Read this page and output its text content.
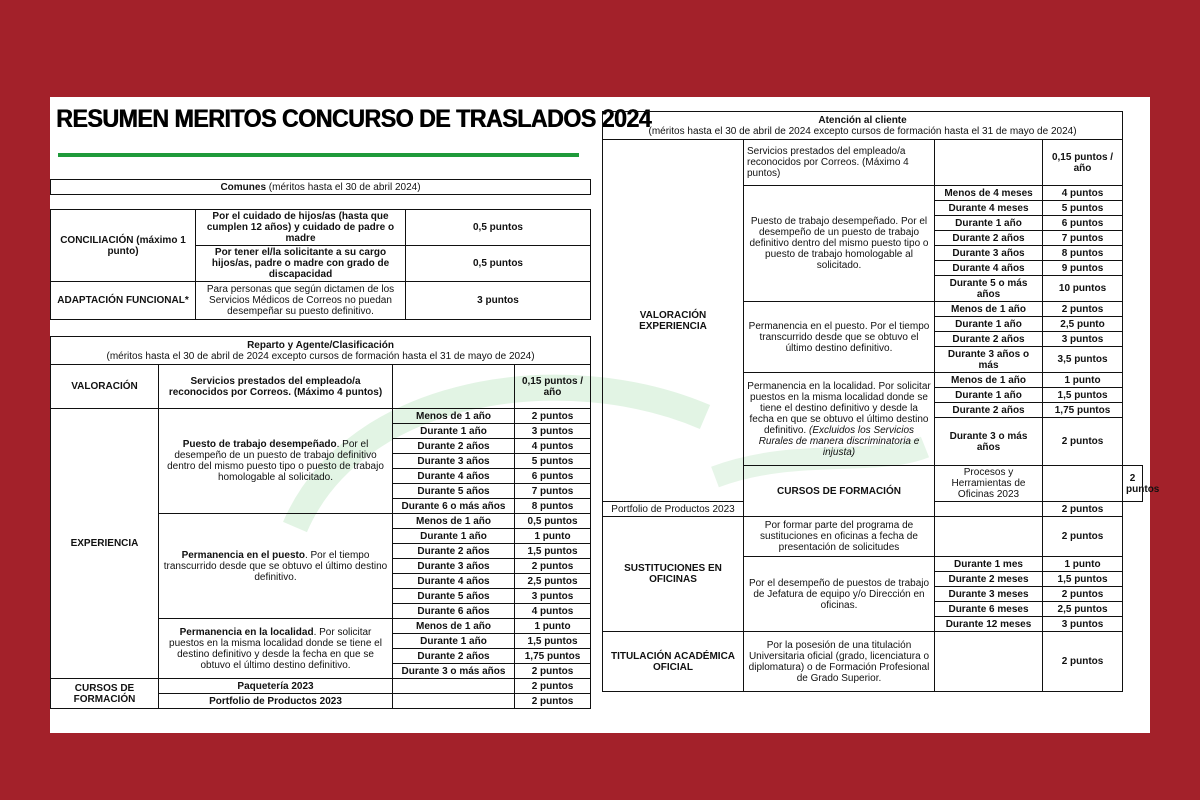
RESUMEN MERITOS CONCURSO DE TRASLADOS 2024
Comunes (méritos hasta el 30 de abril 2024)
CONCILIACIÓN (máximo 1 punto)	Por el cuidado de hijos/as (hasta que cumplen 12 años) y cuidado de padre o madre	0,5 puntos
	Por tener el/la solicitante a su cargo hijos/as, padre o madre con grado de discapacidad	0,5 puntos
ADAPTACIÓN FUNCIONAL*	Para personas que según dictamen de los Servicios Médicos de Correos no puedan desempeñar su puesto definitivo.	3 puntos
Reparto y Agente/Clasificación
(méritos hasta el 30 de abril de 2024 excepto cursos de formación hasta el 31 de mayo de 2024)			
VALORACIÓN	Servicios prestados del empleado/a reconocidos por Correos. (Máximo 4 puntos)		0,15 puntos / año
EXPERIENCIA	Puesto de trabajo desempeñado. Por el desempeño de un puesto de trabajo definitivo dentro del mismo puesto tipo o puesto de trabajo homologable al solicitado.	Menos de 1 año	2 puntos
		Durante 1 año	3 puntos
		Durante 2 años	4 puntos
		Durante 3 años	5 puntos
		Durante 4 años	6 puntos
		Durante 5 años	7 puntos
		Durante 6 o más años	8 puntos
	Permanencia en el puesto. Por el tiempo transcurrido desde que se obtuvo el último destino definitivo.	Menos de 1 año	0,5 puntos
		Durante 1 año	1 punto
		Durante 2 años	1,5 puntos
		Durante 3 años	2 puntos
		Durante 4 años	2,5 puntos
		Durante 5 años	3 puntos
		Durante 6 años	4 puntos
	Permanencia en la localidad. Por solicitar puestos en la misma localidad donde se tiene el destino definitivo y desde la fecha en que se obtuvo el último destino definitivo.	Menos de 1 año	1 punto
		Durante 1 año	1,5 puntos
		Durante 2 años	1,75 puntos
		Durante 3 o más años	2 puntos
CURSOS DE FORMACIÓN	Paquetería 2023		2 puntos
	Portfolio de Productos 2023		2 puntos
Atención al cliente
(méritos hasta el 30 de abril de 2024 excepto cursos de formación hasta el 31 de mayo de 2024)				
VALORACIÓN EXPERIENCIA	Servicios prestados del empleado/a reconocidos por Correos. (Máximo 4 puntos)		0,15 puntos / año	
	Puesto de trabajo desempeñado. Por el desempeño de un puesto de trabajo definitivo dentro del mismo puesto tipo o puesto de trabajo homologable al solicitado.	Menos de 4 meses	4 puntos	
		Durante 4 meses	5 puntos	
		Durante 1 año	6 puntos	
		Durante 2 años	7 puntos	
		Durante 3 años	8 puntos	
		Durante 4 años	9 puntos	
		Durante 5 o más años	10 puntos	
	Permanencia en el puesto. Por el tiempo transcurrido desde que se obtuvo el último destino definitivo.	Menos de 1 año	2 puntos	
		Durante 1 año	2,5 punto	
		Durante 2 años	3 puntos	
		Durante 3 años o más	3,5 puntos	
	Permanencia en la localidad. Por solicitar puestos en la misma localidad donde se tiene el destino definitivo y desde la fecha en que se obtuvo el último destino definitivo. (Excluidos los Servicios Rurales de manera discriminatoria e injusta)	Menos de 1 año	1 punto	
		Durante 1 año	1,5 puntos	
		Durante 2 años	1,75 puntos	
		Durante 3 o más años	2 puntos	
	CURSOS DE FORMACIÓN	Procesos y Herramientas de Oficinas 2023		2 puntos
Portfolio de Productos 2023			2 puntos	
SUSTITUCIONES EN OFICINAS	Por formar parte del programa de sustituciones en oficinas a fecha de presentación de solicitudes		2 puntos	
	Por el desempeño de puestos de trabajo de Jefatura de equipo y/o Dirección en oficinas.	Durante 1 mes	1 punto	
		Durante 2 meses	1,5 puntos	
		Durante 3 meses	2 puntos	
		Durante 6 meses	2,5 puntos	
		Durante 12 meses	3 puntos	
TITULACIÓN ACADÉMICA OFICIAL	Por la posesión de una titulación Universitaria oficial (grado, licenciatura o diplomatura) o de Formación Profesional de Grado Superior.		2 puntos	
